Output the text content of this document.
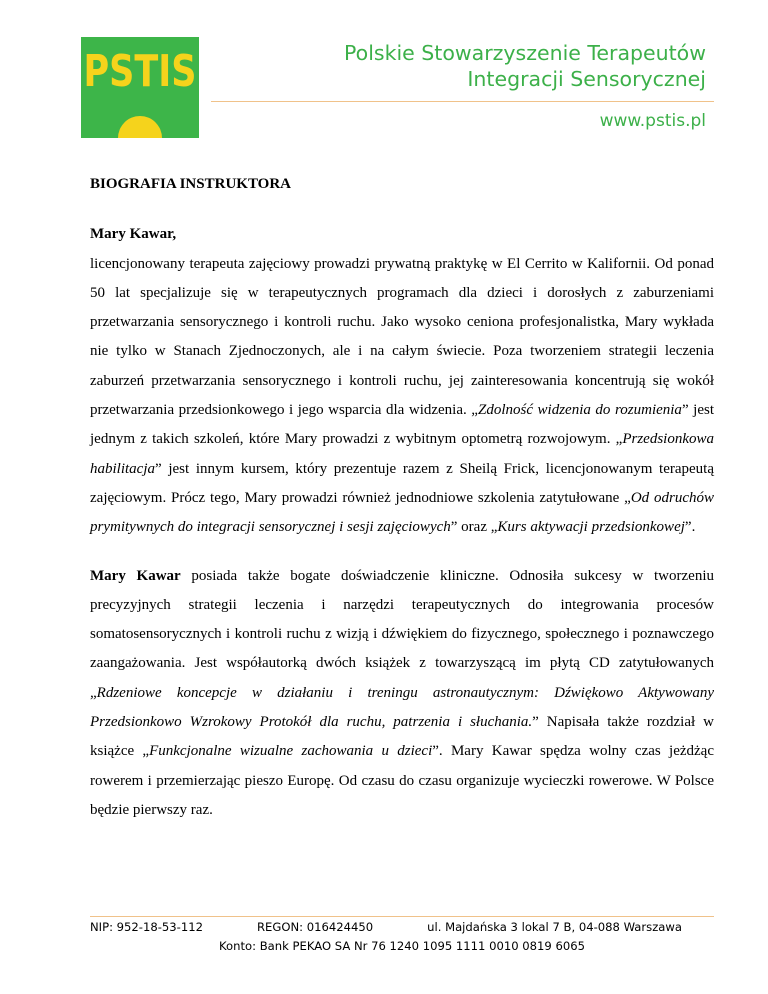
PSTIS	Polskie Stowarzyszenie Terapeutów
Integracji Sensorycznej
www.pstis.pl

BIOGRAFIA INSTRUKTORA

Mary Kawar,

licencjonowany terapeuta zajęciowy prowadzi prywatną praktykę w El Cerrito w Kalifornii. Od ponad 50 lat specjalizuje się w terapeutycznych programach dla dzieci i dorosłych z zaburzeniami przetwarzania sensorycznego i kontroli ruchu. Jako wysoko ceniona profesjonalistka, Mary wykłada nie tylko w Stanach Zjednoczonych, ale i na całym świecie. Poza tworzeniem strategii leczenia zaburzeń przetwarzania sensorycznego i kontroli ruchu, jej zainteresowania koncentrują się wokół przetwarzania przedsionkowego i jego wsparcia dla widzenia. „Zdolność widzenia do rozumienia” jest jednym z takich szkoleń, które Mary prowadzi z wybitnym optometrą rozwojowym. „Przedsionkowa habilitacja” jest innym kursem, który prezentuje razem z Sheilą Frick, licencjonowanym terapeutą zajęciowym. Prócz tego, Mary prowadzi również jednodniowe szkolenia zatytułowane „Od odruchów prymitywnych do integracji sensorycznej i sesji zajęciowych” oraz „Kurs aktywacji przedsionkowej”.

Mary Kawar posiada także bogate doświadczenie kliniczne. Odnosiła sukcesy w tworzeniu precyzyjnych strategii leczenia i narzędzi terapeutycznych do integrowania procesów somatosensorycznych i kontroli ruchu z wizją i dźwiękiem do fizycznego, społecznego i poznawczego zaangażowania. Jest współautorką dwóch książek z towarzyszącą im płytą CD zatytułowanych „Rdzeniowe koncepcje w działaniu i treningu astronautycznym: Dźwiękowo Aktywowany Przedsionkowo Wzrokowy Protokół dla ruchu, patrzenia i słuchania.” Napisała także rozdział w książce „Funkcjonalne wizualne zachowania u dzieci”. Mary Kawar spędza wolny czas jeżdżąc rowerem i przemierzając pieszo Europę. Od czasu do czasu organizuje wycieczki rowerowe. W Polsce będzie pierwszy raz.

NIP: 952-18-53-112	REGON: 016424450	ul. Majdańska 3 lokal 7 B, 04-088 Warszawa
Konto: Bank PEKAO SA Nr 76 1240 1095 1111 0010 0819 6065
